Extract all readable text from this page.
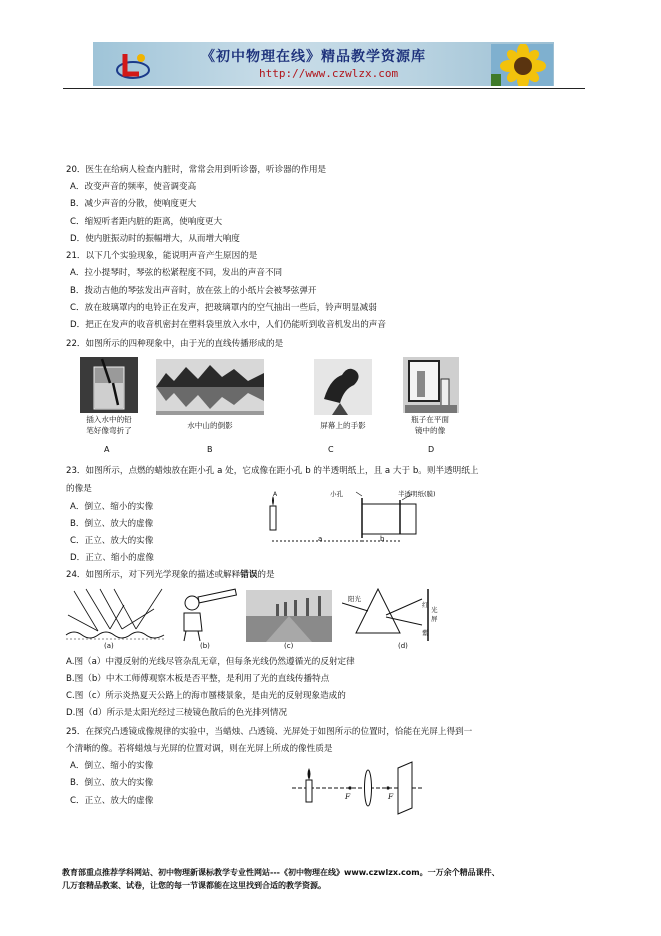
《初中物理在线》精品教学资源库
http://www.czwlzx.com
20．医生在给病人检查内脏时，常常会用到听诊器，听诊器的作用是
A．改变声音的频率，使音调变高
B．减少声音的分散，使响度更大
C．缩短听者距内脏的距离，使响度更大
D．使内脏振动时的振幅增大，从而增大响度
21．以下几个实验现象，能说明声音产生原因的是
A．拉小提琴时，琴弦的松紧程度不同，发出的声音不同
B．拨动吉他的琴弦发出声音时，放在弦上的小纸片会被琴弦弹开
C．放在玻璃罩内的电铃正在发声，把玻璃罩内的空气抽出一些后，铃声明显减弱
D．把正在发声的收音机密封在塑料袋里放入水中，人们仍能听到收音机发出的声音
22．如图所示的四种现象中，由于光的直线传播形成的是
插入水中的铅
笔好像弯折了
水中山的倒影	屏幕上的手影
瓶子在平面
镜中的像
A	B	C	D
23．如图所示，点燃的蜡烛放在距小孔 a 处，它成像在距小孔 b 的半透明纸上，且 a 大于 b。则半透明纸上
的像是
A．倒立、缩小的实像
B．倒立、放大的虚像
C．正立、放大的实像
D．正立、缩小的虚像
A	小孔	半透明纸(膜)
a	b
24．如图所示，对下列光学现象的描述或解释错误的是
(a)	(b)	(c)	(d)
阳光
红
紫
光屏
A.图（a）中漫反射的光线尽管杂乱无章，但每条光线仍然遵循光的反射定律
B.图（b）中木工师傅观察木板是否平整，是利用了光的直线传播特点
C.图（c）所示炎热夏天公路上的海市蜃楼景象，是由光的反射现象造成的
D.图（d）所示是太阳光经过三棱镜色散后的色光排列情况
25．在探究凸透镜成像规律的实验中，当蜡烛、凸透镜、光屏处于如图所示的位置时，恰能在光屏上得到一
个清晰的像。若将蜡烛与光屏的位置对调，则在光屏上所成的像性质是
A．倒立、缩小的实像
B．倒立、放大的实像
C．正立、放大的虚像	F	F
教育部重点推荐学科网站、初中物理新课标教学专业性网站---《初中物理在线》www.czwlzx.com。一万余个精品课件、
几万套精品教案、试卷，让您的每一节课都能在这里找到合适的教学资源。
